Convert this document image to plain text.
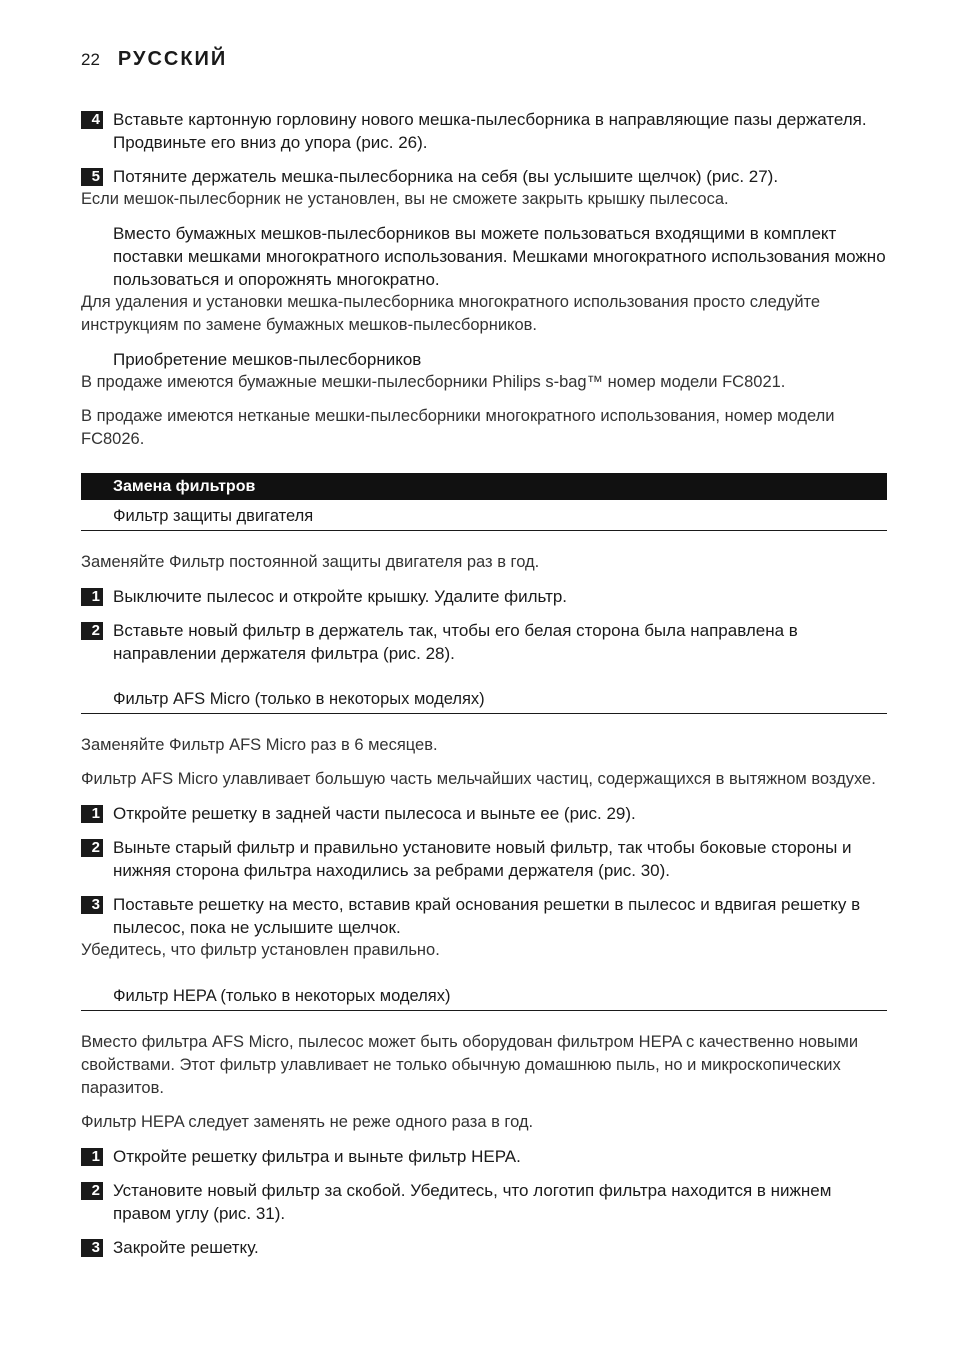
22 РУССКИЙ
4 Вставьте картонную горловину нового мешка-пылесборника в направляющие пазы держателя. Продвиньте его вниз до упора (рис. 26).
5 Потяните держатель мешка-пылесборника на себя (вы услышите щелчок) (рис. 27).
Если мешок-пылесборник не установлен, вы не сможете закрыть крышку пылесоса.
Вместо бумажных мешков-пылесборников вы можете пользоваться входящими в комплект поставки мешками многократного использования. Мешками многократного использования можно пользоваться и опорожнять многократно.
Для удаления и установки мешка-пылесборника многократного использования просто следуйте инструкциям по замене бумажных мешков-пылесборников.
Приобретение мешков-пылесборников
В продаже имеются бумажные мешки-пылесборники Philips s-bag™ номер модели FC8021.
В продаже имеются нетканые мешки-пылесборники многократного использования, номер модели FC8026.
Замена фильтров
Фильтр защиты двигателя
Заменяйте Фильтр постоянной защиты двигателя раз в год.
1 Выключите пылесос и откройте крышку. Удалите фильтр.
2 Вставьте новый фильтр в держатель так, чтобы его белая сторона была направлена в направлении держателя фильтра (рис. 28).
Фильтр AFS Micro (только в некоторых моделях)
Заменяйте Фильтр AFS Micro раз в 6 месяцев.
Фильтр AFS Micro улавливает большую часть мельчайших частиц, содержащихся в вытяжном воздухе.
1 Откройте решетку в задней части пылесоса и выньте ее (рис. 29).
2 Выньте старый фильтр и правильно установите новый фильтр, так чтобы боковые стороны и нижняя сторона фильтра находились за ребрами держателя (рис. 30).
3 Поставьте решетку на место, вставив край основания решетки в пылесос и вдвигая решетку в пылесос, пока не услышите щелчок.
Убедитесь, что фильтр установлен правильно.
Фильтр HEPA (только в некоторых моделях)
Вместо фильтра AFS Micro, пылесос может быть оборудован фильтром HEPA с качественно новыми свойствами. Этот фильтр улавливает не только обычную домашнюю пыль, но и микроскопических паразитов.
Фильтр HEPA следует заменять не реже одного раза в год.
1 Откройте решетку фильтра и выньте фильтр HEPA.
2 Установите новый фильтр за скобой. Убедитесь, что логотип фильтра находится в нижнем правом углу (рис. 31).
3 Закройте решетку.
